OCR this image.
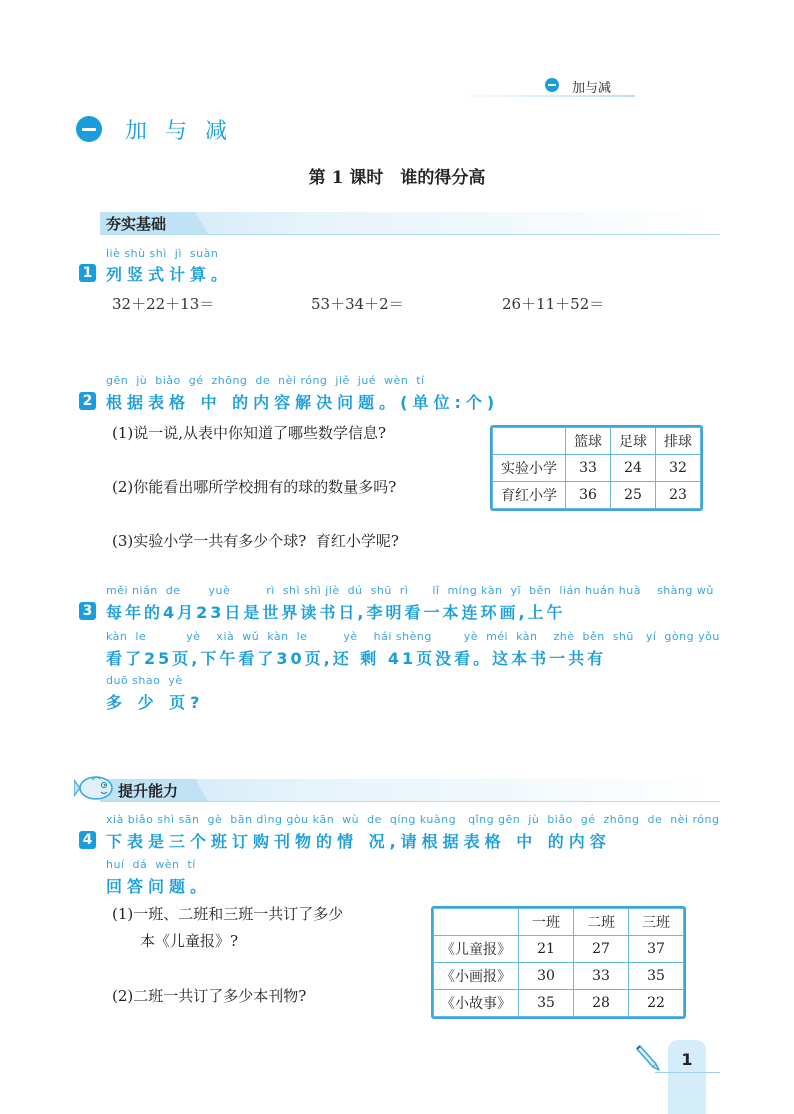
加与减
加与减
第 1 课时　谁的得分高
夯实基础
liè shù shì  jì  suàn
1 列竖式计算。
32＋22＋13＝	53＋34＋2＝	26＋11＋52＝
gēn  jù  biǎo  gé  zhōng  de  nèi róng  jiě  jué  wèn  tí
2 根据表格 中 的内容解决问题。(单位:个)
(1)说一说,从表中你知道了哪些数学信息?
(2)你能看出哪所学校拥有的球的数量多吗?
(3)实验小学一共有多少个球?  育红小学呢?
	篮球	足球	排球
实验小学	33	24	32
育红小学	36	25	23
měi nián  de       yuè         rì  shì shì jiè  dú  shū  rì      lǐ  míng kàn  yī  běn  lián huán huà    shàng wǔ
3 每年的4月23日是世界读书日,李明看一本连环画,上午
kàn  le          yè    xià  wǔ  kàn  le         yè    hái shèng        yè  méi  kàn    zhè  běn  shū   yí  gòng yǒu
看了25页,下午看了30页,还 剩 41页没看。这本书一共有
duō shao  yè
多 少 页?
提升能力
xià biǎo shì sān  gè  bān dìng gòu kān  wù  de  qíng kuàng   qǐng gēn  jù  biǎo  gé  zhōng  de  nèi róng
4 下表是三个班订购刊物的情 况,请根据表格 中 的内容
huí  dá  wèn  tí
回答问题。
(1)一班、二班和三班一共订了多少
本《儿童报》?
(2)二班一共订了多少本刊物?
	一班	二班	三班
《儿童报》	21	27	37
《小画报》	30	33	35
《小故事》	35	28	22
1
